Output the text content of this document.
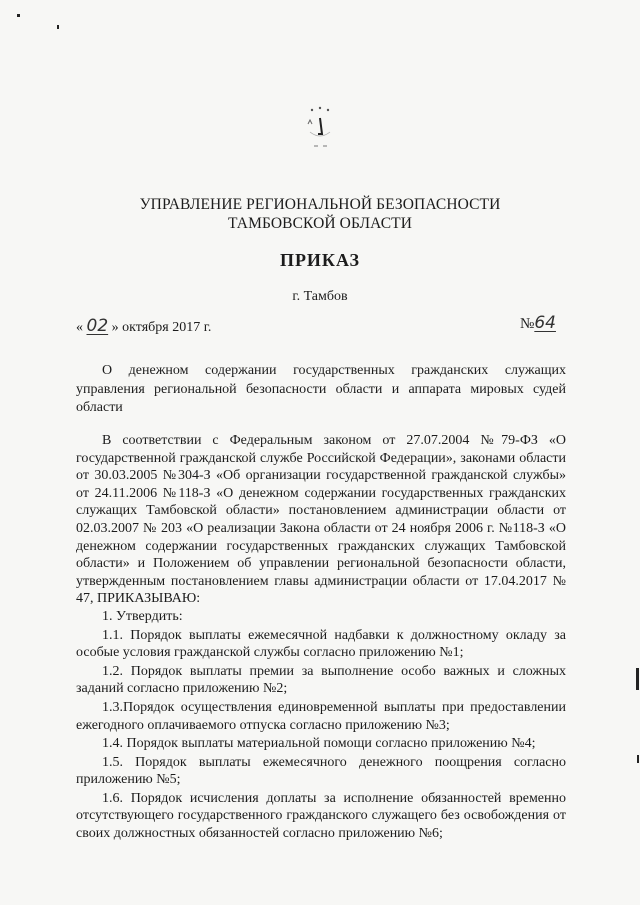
УПРАВЛЕНИЕ РЕГИОНАЛЬНОЙ БЕЗОПАСНОСТИ
ТАМБОВСКОЙ ОБЛАСТИ
ПРИКАЗ
г. Тамбов
« 02 » октября 2017 г.	№64
О денежном содержании государственных гражданских служащих управления региональной безопасности области и аппарата мировых судей области

В соответствии с Федеральным законом от 27.07.2004 №79-ФЗ «О государственной гражданской службе Российской Федерации», законами области от 30.03.2005 №304-З «Об организации государственной гражданской службы» от 24.11.2006 №118-З «О денежном содержании государственных гражданских служащих Тамбовской области» постановлением администрации области от 02.03.2007 № 203 «О реализации Закона области от 24 ноября 2006 г. №118-З «О денежном содержании государственных гражданских служащих Тамбовской области» и Положением об управлении региональной безопасности области, утвержденным постановлением главы администрации области от 17.04.2017 № 47, ПРИКАЗЫВАЮ:

1. Утвердить:

1.1. Порядок выплаты ежемесячной надбавки к должностному окладу за особые условия гражданской службы согласно приложению №1;

1.2. Порядок выплаты премии за выполнение особо важных и сложных заданий согласно приложению №2;

1.3.Порядок осуществления единовременной выплаты при предоставлении ежегодного оплачиваемого отпуска согласно приложению №3;

1.4. Порядок выплаты материальной помощи согласно приложению №4;

1.5. Порядок выплаты ежемесячного денежного поощрения согласно приложению №5;

1.6. Порядок исчисления доплаты за исполнение обязанностей временно отсутствующего государственного гражданского служащего без освобождения от своих должностных обязанностей согласно приложению №6;
